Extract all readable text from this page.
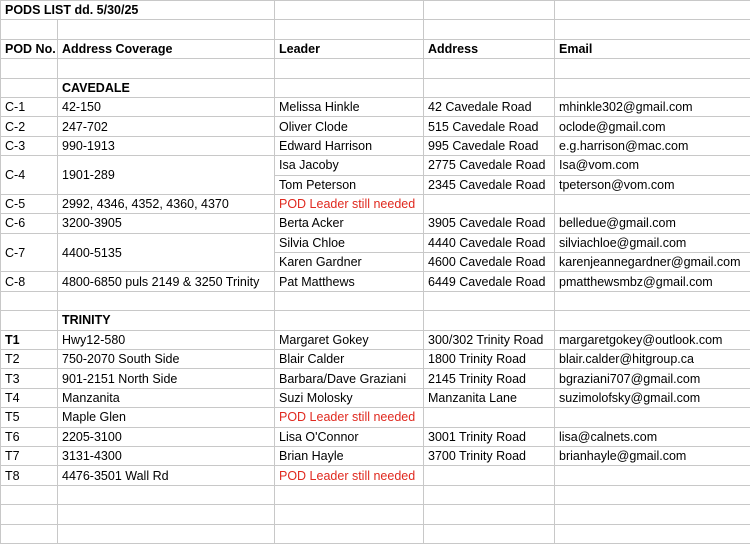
PODS LIST dd. 5/30/25				

POD No.	Address Coverage	Leader	Address	Email

	CAVEDALE			
C-1	42-150	Melissa Hinkle	42 Cavedale Road	mhinkle302@gmail.com
C-2	247-702	Oliver Clode	515 Cavedale Road	oclode@gmail.com
C-3	990-1913	Edward Harrison	995 Cavedale Road	e.g.harrison@mac.com
C-4	1901-289	Isa Jacoby	2775 Cavedale Road	Isa@vom.com
		Tom Peterson	2345 Cavedale Road	tpeterson@vom.com
C-5	2992, 4346, 4352, 4360, 4370	POD Leader still needed		
C-6	3200-3905	Berta Acker	3905 Cavedale Road	belledue@gmail.com
C-7	4400-5135	Silvia Chloe	4440 Cavedale Road	silviachloe@gmail.com
		Karen Gardner	4600 Cavedale Road	karenjeannegardner@gmail.com
C-8	4800-6850 puls 2149 & 3250 Trinity	Pat Matthews	6449 Cavedale Road	pmatthewsmbz@gmail.com

	TRINITY			
T1	Hwy12-580	Margaret Gokey	300/302 Trinity Road	margaretgokey@outlook.com
T2	750-2070 South Side	Blair Calder	1800 Trinity Road	blair.calder@hitgroup.ca
T3	901-2151 North Side	Barbara/Dave Graziani	2145 Trinity Road	bgraziani707@gmail.com
T4	Manzanita	Suzi Molosky	Manzanita Lane	suzimolofsky@gmail.com
T5	Maple Glen	POD Leader still needed		
T6	2205-3100	Lisa O'Connor	3001 Trinity Road	lisa@calnets.com
T7	3131-4300	Brian Hayle	3700 Trinity Road	brianhayle@gmail.com
T8	4476-3501 Wall Rd	POD Leader still needed		
